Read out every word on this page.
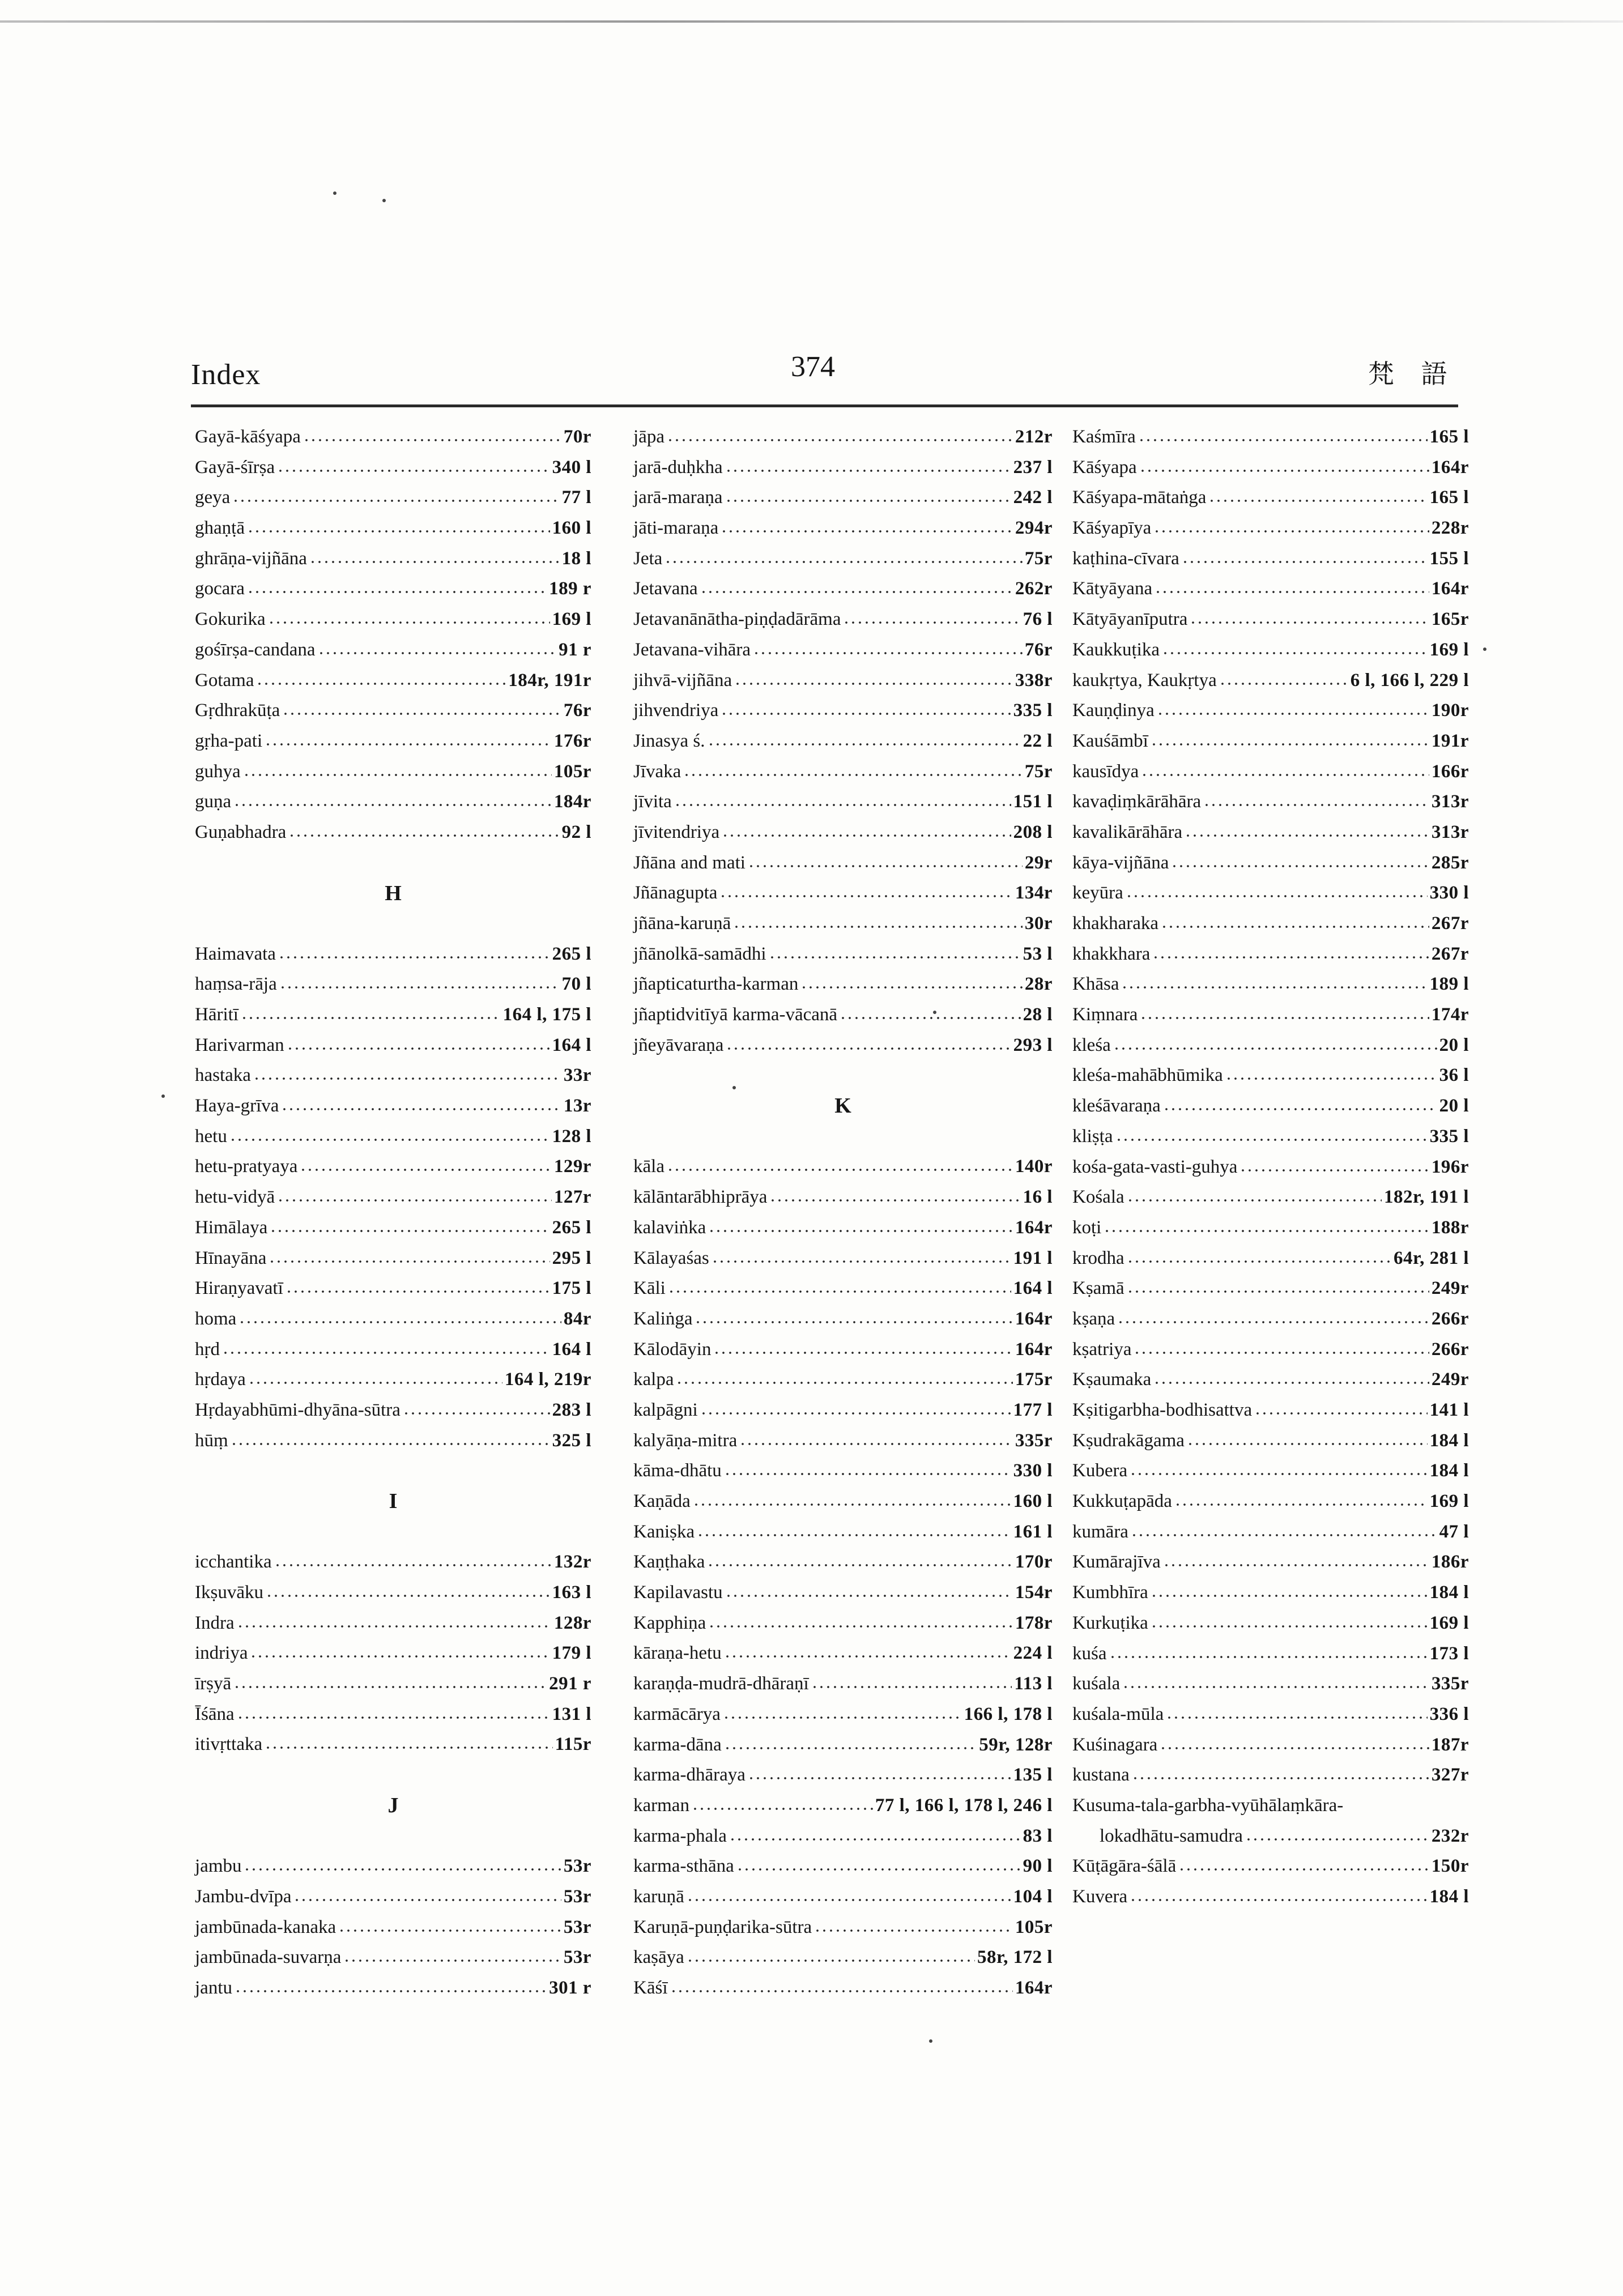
Index	374	梵 語
Gayā-kāśyapa	70r
Gayā-śīrṣa	340 l
geya	77 l
ghaṇṭā	160 l
ghrāṇa-vijñāna	18 l
gocara	189 r
Gokurika	169 l
gośīrṣa-candana	91 r
Gotama	184r, 191r
Gṛdhrakūṭa	76r
gṛha-pati	176r
guhya	105r
guṇa	184r
Guṇabhadra	92 l
H
Haimavata	265 l
haṃsa-rāja	70 l
Hāritī	164 l, 175 l
Harivarman	164 l
hastaka	33r
Haya-grīva	13r
hetu	128 l
hetu-pratyaya	129r
hetu-vidyā	127r
Himālaya	265 l
Hīnayāna	295 l
Hiraṇyavatī	175 l
homa	84r
hṛd	164 l
hṛdaya	164 l, 219r
Hṛdayabhūmi-dhyāna-sūtra	283 l
hūṃ	325 l
I
icchantika	132r
Ikṣuvāku	163 l
Indra	128r
indriya	179 l
īrṣyā	291 r
Īśāna	131 l
itivṛttaka	115r
J
jambu	53r
Jambu-dvīpa	53r
jambūnada-kanaka	53r
jambūnada-suvarṇa	53r
jantu	301 r
jāpa	212r
jarā-duḥkha	237 l
jarā-maraṇa	242 l
jāti-maraṇa	294r
Jeta	75r
Jetavana	262r
Jetavanānātha-piṇḍadārāma	76 l
Jetavana-vihāra	76r
jihvā-vijñāna	338r
jihvendriya	335 l
Jinasya ś.	22 l
Jīvaka	75r
jīvita	151 l
jīvitendriya	208 l
Jñāna and mati	29r
Jñānagupta	134r
jñāna-karuṇā	30r
jñānolkā-samādhi	53 l
jñapticaturtha-karman	28r
jñaptidvitīyā karma-vācanā	28 l
jñeyāvaraṇa	293 l
K
kāla	140r
kālāntarābhiprāya	16 l
kalaviṅka	164r
Kālayaśas	191 l
Kāli	164 l
Kaliṅga	164r
Kālodāyin	164r
kalpa	175r
kalpāgni	177 l
kalyāṇa-mitra	335r
kāma-dhātu	330 l
Kaṇāda	160 l
Kaniṣka	161 l
Kaṇṭhaka	170r
Kapilavastu	154r
Kapphiṇa	178r
kāraṇa-hetu	224 l
karaṇḍa-mudrā-dhāraṇī	113 l
karmācārya	166 l, 178 l
karma-dāna	59r, 128r
karma-dhāraya	135 l
karman	77 l, 166 l, 178 l, 246 l
karma-phala	83 l
karma-sthāna	90 l
karuṇā	104 l
Karuṇā-puṇḍarika-sūtra	105r
kaṣāya	58r, 172 l
Kāśī	164r
Kaśmīra	165 l
Kāśyapa	164r
Kāśyapa-mātaṅga	165 l
Kāśyapīya	228r
kaṭhina-cīvara	155 l
Kātyāyana	164r
Kātyāyanīputra	165r
Kaukkuṭika	169 l
kaukṛtya, Kaukṛtya	6 l, 166 l, 229 l
Kauṇḍinya	190r
Kauśāmbī	191r
kausīdya	166r
kavaḍiṃkārāhāra	313r
kavalikārāhāra	313r
kāya-vijñāna	285r
keyūra	330 l
khakharaka	267r
khakkhara	267r
Khāsa	189 l
Kiṃnara	174r
kleśa	20 l
kleśa-mahābhūmika	36 l
kleśāvaraṇa	20 l
kliṣṭa	335 l
kośa-gata-vasti-guhya	196r
Kośala	182r, 191 l
koṭi	188r
krodha	64r, 281 l
Kṣamā	249r
kṣaṇa	266r
kṣatriya	266r
Kṣaumaka	249r
Kṣitigarbha-bodhisattva	141 l
Kṣudrakāgama	184 l
Kubera	184 l
Kukkuṭapāda	169 l
kumāra	47 l
Kumārajīva	186r
Kumbhīra	184 l
Kurkuṭika	169 l
kuśa	173 l
kuśala	335r
kuśala-mūla	336 l
Kuśinagara	187r
kustana	327r
Kusuma-tala-garbha-vyūhālaṃkāra-
lokadhātu-samudra	232r
Kūṭāgāra-śālā	150r
Kuvera	184 l
